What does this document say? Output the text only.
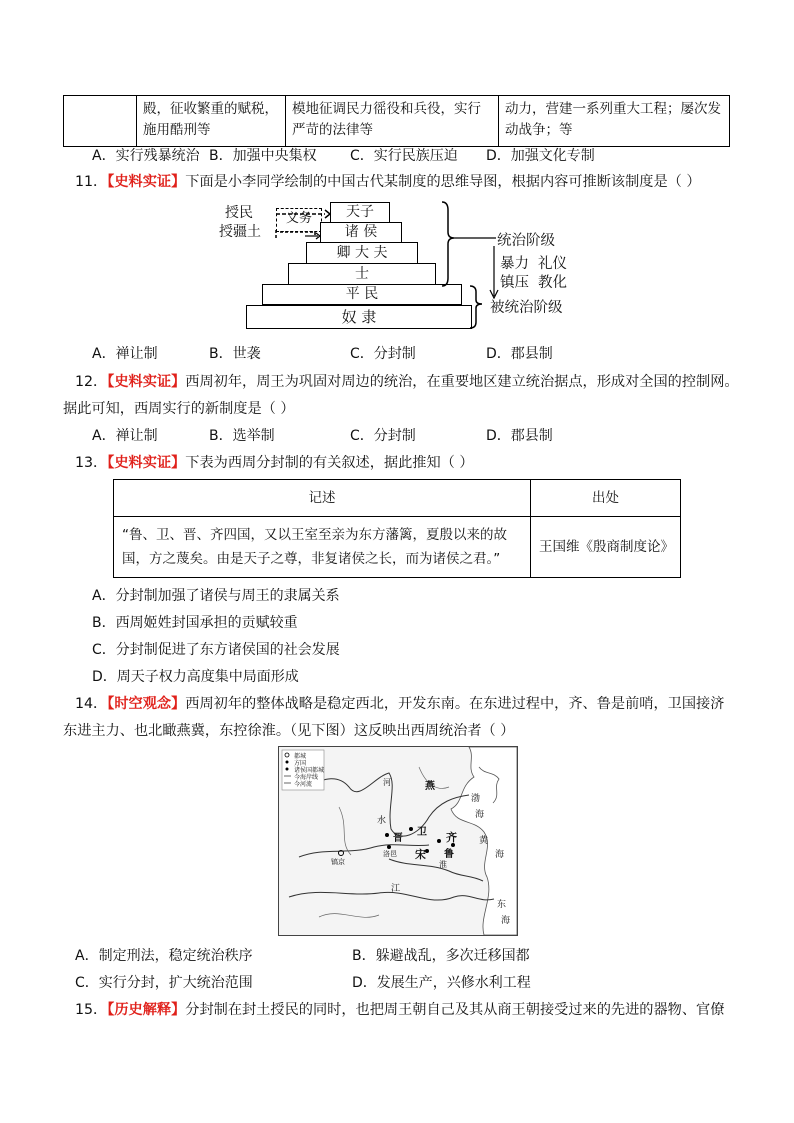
	殿，征收繁重的赋税，施用酷刑等	模地征调民力徭役和兵役，实行严苛的法律等	动力，营建一系列重大工程；屡次发动战争；等
A．实行残暴统治 B．加强中央集权 C．实行民族压迫 D．加强文化专制
11．【史料实证】下面是小李同学绘制的中国古代某制度的思维导图，根据内容可推断该制度是（ ）
授民
授疆土
义务	天子
诸 侯
卿 大 夫
士
平 民
奴 隶
统治阶级
暴力
镇压
礼仪
教化
被统治阶级
A．禅让制	B．世袭	C．分封制	D．郡县制
12．【史料实证】西周初年，周王为巩固对周边的统治，在重要地区建立统治据点，形成对全国的控制网。
据此可知，西周实行的新制度是（ ）
A．禅让制	B．选举制	C．分封制	D．郡县制
13．【史料实证】下表为西周分封制的有关叙述，据此推知（ ）
记述	出处

“鲁、卫、晋、齐四国，又以王室至亲为东方藩篱，夏殷以来的故
国，方之蔑矣。由是天子之尊，非复诸侯之长，而为诸侯之君。”	王国维《殷商制度论》
A．分封制加强了诸侯与周王的隶属关系
B．西周姬姓封国承担的贡赋较重
C．分封制促进了东方诸侯国的社会发展
D．周天子权力高度集中局面形成
14．【时空观念】西周初年的整体战略是稳定西北，开发东南。在东进过程中，齐、鲁是前哨，卫国接济
东进主力、也北瞰燕冀，东控徐淮。（见下图）这反映出西周统治者（ ）
都城
方国
诸侯国都城
今海岸线
今河流	燕
渤
海
水
晋
卫 齐
鲁
宋
黄
海
东
海
江
河
淮
镐京
洛邑
A．制定刑法，稳定统治秩序	B．躲避战乱，多次迁移国都
C．实行分封，扩大统治范围	D．发展生产，兴修水利工程
15．【历史解释】分封制在封土授民的同时，也把周王朝自己及其从商王朝接受过来的先进的器物、官僚
